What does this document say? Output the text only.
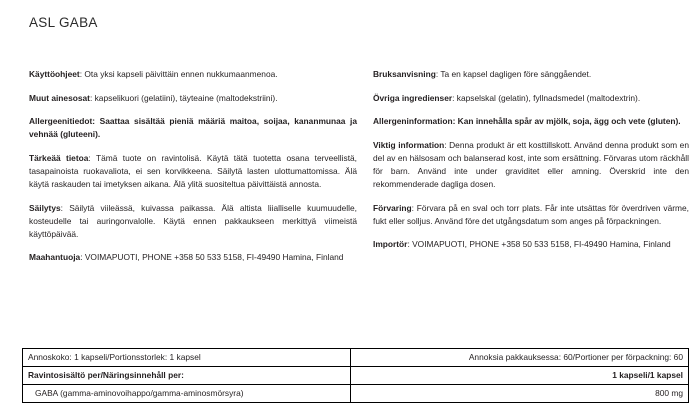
ASL GABA

Käyttöohjeet: Ota yksi kapseli päivittäin ennen nukkumaanmenoa.

Muut ainesosat: kapselikuori (gelatiini), täyteaine (maltodekstriini).

Allergeenitiedot: Saattaa sisältää pieniä määriä maitoa, soijaa, kananmunaa ja vehnää (gluteeni).

Tärkeää tietoa: Tämä tuote on ravintolisä. Käytä tätä tuotetta osana terveellistä, tasapainoista ruokavaliota, ei sen korvikkeena. Säilytä lasten ulottumattomissa. Älä käytä raskauden tai imetyksen aikana. Älä ylitä suositeltua päivittäistä annosta.

Säilytys: Säilytä viileässä, kuivassa paikassa. Älä altista liialliselle kuumuudelle, kosteudelle tai auringonvalolle. Käytä ennen pakkaukseen merkittyä viimeistä käyttöpäivää.

Maahantuoja: VOIMAPUOTI, PHONE +358 50 533 5158, FI-49490 Hamina, Finland

Bruksanvisning: Ta en kapsel dagligen före sänggåendet.

Övriga ingredienser: kapselskal (gelatin), fyllnadsmedel (maltodextrin).

Allergeninformation: Kan innehålla spår av mjölk, soja, ägg och vete (gluten).

Viktig information: Denna produkt är ett kosttillskott. Använd denna produkt som en del av en hälsosam och balanserad kost, inte som ersättning. Förvaras utom räckhåll för barn. Använd inte under graviditet eller amning. Överskrid inte den rekommenderade dagliga dosen.

Förvaring: Förvara på en sval och torr plats. Får inte utsättas för överdriven värme, fukt eller solljus. Använd före det utgångsdatum som anges på förpackningen.

Importör: VOIMAPUOTI, PHONE +358 50 533 5158, FI-49490 Hamina, Finland

Annoskoko: 1 kapseli/Portionsstorlek: 1 kapsel	Annoksia pakkauksessa: 60/Portioner per förpackning: 60
Ravintosisältö per/Näringsinnehåll per:	1 kapseli/1 kapsel
GABA (gamma-aminovoihappo/gamma-aminosmörsyra)	800 mg
